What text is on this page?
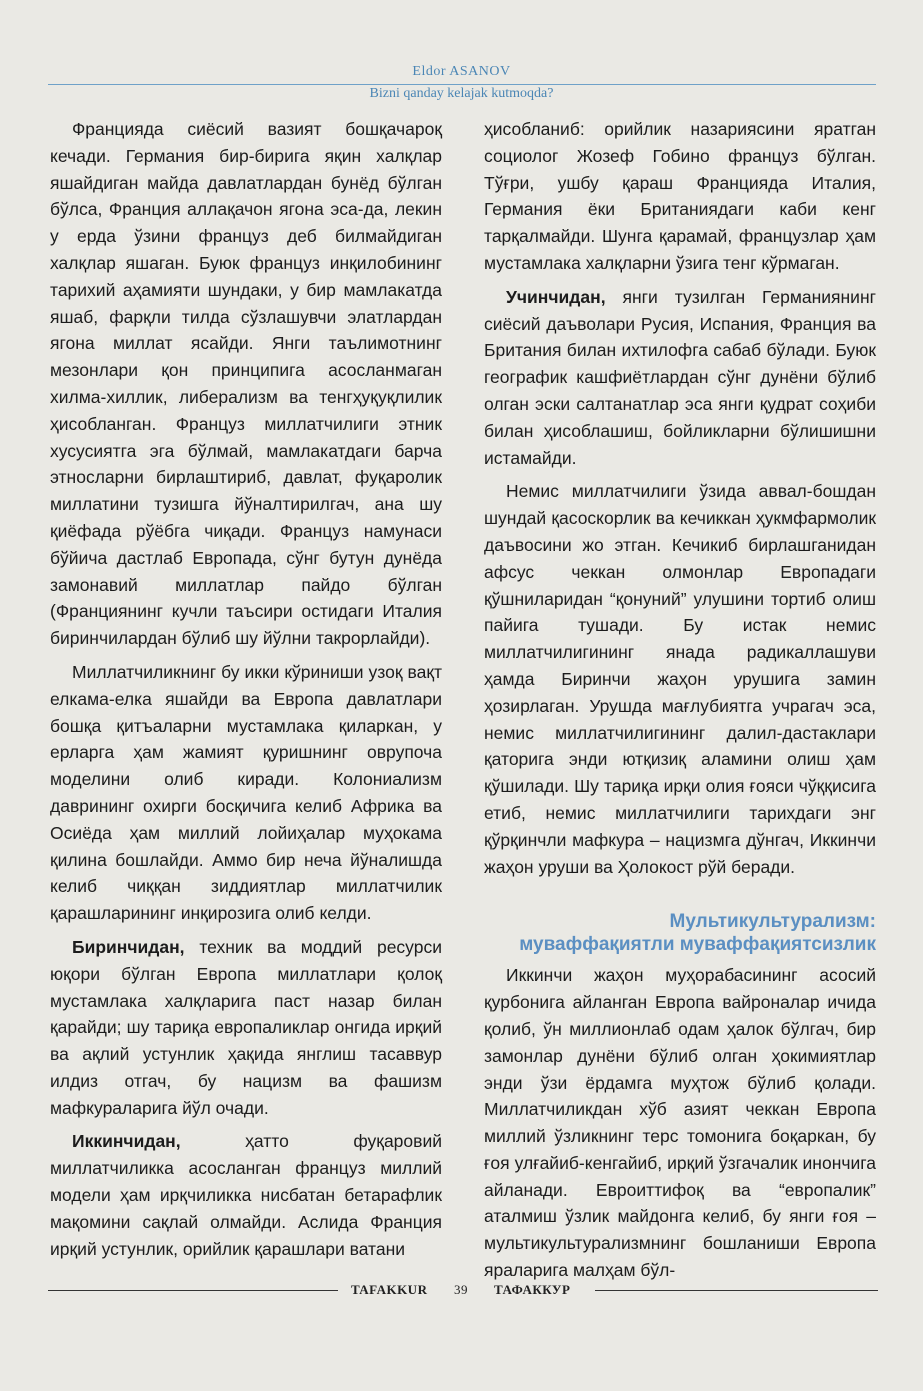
Eldor ASANOV
Bizni qanday kelajak kutmoqda?

Францияда сиёсий вазият бошқачароқ кечади. Германия бир-бирига яқин халқлар яшайдиган майда давлатлардан бунёд бўлган бўлса, Франция аллақачон ягона эса-да, лекин у ерда ўзини француз деб билмайдиган халқлар яшаган. Буюк француз инқилобининг тарихий аҳамияти шундаки, у бир мамлакатда яшаб, фарқли тилда сўзлашувчи элатлардан ягона миллат ясайди. Янги таълимотнинг мезонлари қон принципига асосланмаган хилма-хиллик, либерализм ва тенгҳуқуқлилик ҳисобланган. Француз миллатчилиги этник хусусиятга эга бўлмай, мамлакатдаги барча этносларни бирлаштириб, давлат, фуқаролик миллатини тузишга йўналтирилгач, ана шу қиёфада рўёбга чиқади. Француз намунаси бўйича дастлаб Европада, сўнг бутун дунёда замонавий миллатлар пайдо бўлган (Франциянинг кучли таъсири остидаги Италия биринчилардан бўлиб шу йўлни такрорлайди).

Миллатчиликнинг бу икки кўриниши узоқ вақт елкама-елка яшайди ва Европа давлатлари бошқа қитъаларни мустамлака қиларкан, у ерларга ҳам жамият қуришнинг оврупоча моделини олиб киради. Колониализм даврининг охирги босқичига келиб Африка ва Осиёда ҳам миллий лойиҳалар муҳокама қилина бошлайди. Аммо бир неча йўналишда келиб чиққан зиддиятлар миллатчилик қарашларининг инқирозига олиб келди.

Биринчидан, техник ва моддий ресурси юқори бўлган Европа миллатлари қолоқ мустамлака халқларига паст назар билан қарайди; шу тариқа европаликлар онгида ирқий ва ақлий устунлик ҳақида янглиш тасаввур илдиз отгач, бу нацизм ва фашизм мафкураларига йўл очади.

Иккинчидан, ҳатто фуқаровий миллатчиликка асосланган француз миллий модели ҳам ирқчиликка нисбатан бетарафлик мақомини сақлай олмайди. Аслида Франция ирқий устунлик, орийлик қарашлари ватани

ҳисобланиб: орийлик назариясини яратган социолог Жозеф Гобино француз бўлган. Тўғри, ушбу қараш Францияда Италия, Германия ёки Британиядаги каби кенг тарқалмайди. Шунга қарамай, французлар ҳам мустамлака халқларни ўзига тенг кўрмаган.

Учинчидан, янги тузилган Германиянинг сиёсий даъволари Русия, Испания, Франция ва Британия билан ихтилофга сабаб бўлади. Буюк географик кашфиётлардан сўнг дунёни бўлиб олган эски салтанатлар эса янги қудрат соҳиби билан ҳисоблашиш, бойликларни бўлишишни истамайди.

Немис миллатчилиги ўзида аввал-бошдан шундай қасоскорлик ва кечиккан ҳукмфармолик даъвосини жо этган. Кечикиб бирлашганидан афсус чеккан олмонлар Европадаги қўшниларидан “қонуний” улушини тортиб олиш пайига тушади. Бу истак немис миллатчилигининг янада радикаллашуви ҳамда Биринчи жаҳон урушига замин ҳозирлаган. Урушда мағлубиятга учрагач эса, немис миллатчилигининг далил-дастаклари қаторига энди ютқизиқ аламини олиш ҳам қўшилади. Шу тариқа ирқи олия ғояси чўққисига етиб, немис миллатчилиги тарихдаги энг қўрқинчли мафкура – нацизмга дўнгач, Иккинчи жаҳон уруши ва Ҳолокост рўй беради.

Мультикультурализм:
муваффақиятли муваффақиятсизлик

Иккинчи жаҳон муҳорабасининг асосий қурбонига айланган Европа вайроналар ичида қолиб, ўн миллионлаб одам ҳалок бўлгач, бир замонлар дунёни бўлиб олган ҳокимиятлар энди ўзи ёрдамга муҳтож бўлиб қолади. Миллатчиликдан хўб азият чеккан Европа миллий ўзликнинг терс томонига боқаркан, бу ғоя улғайиб-кенгайиб, ирқий ўзгачалик инончига айланади. Евроиттифоқ ва “европалик” аталмиш ўзлик майдонга келиб, бу янги ғоя – мультикультурализмнинг бошланиши Европа яраларига малҳам бўл-

TAFAKKUR 39 ТАФАККУР
